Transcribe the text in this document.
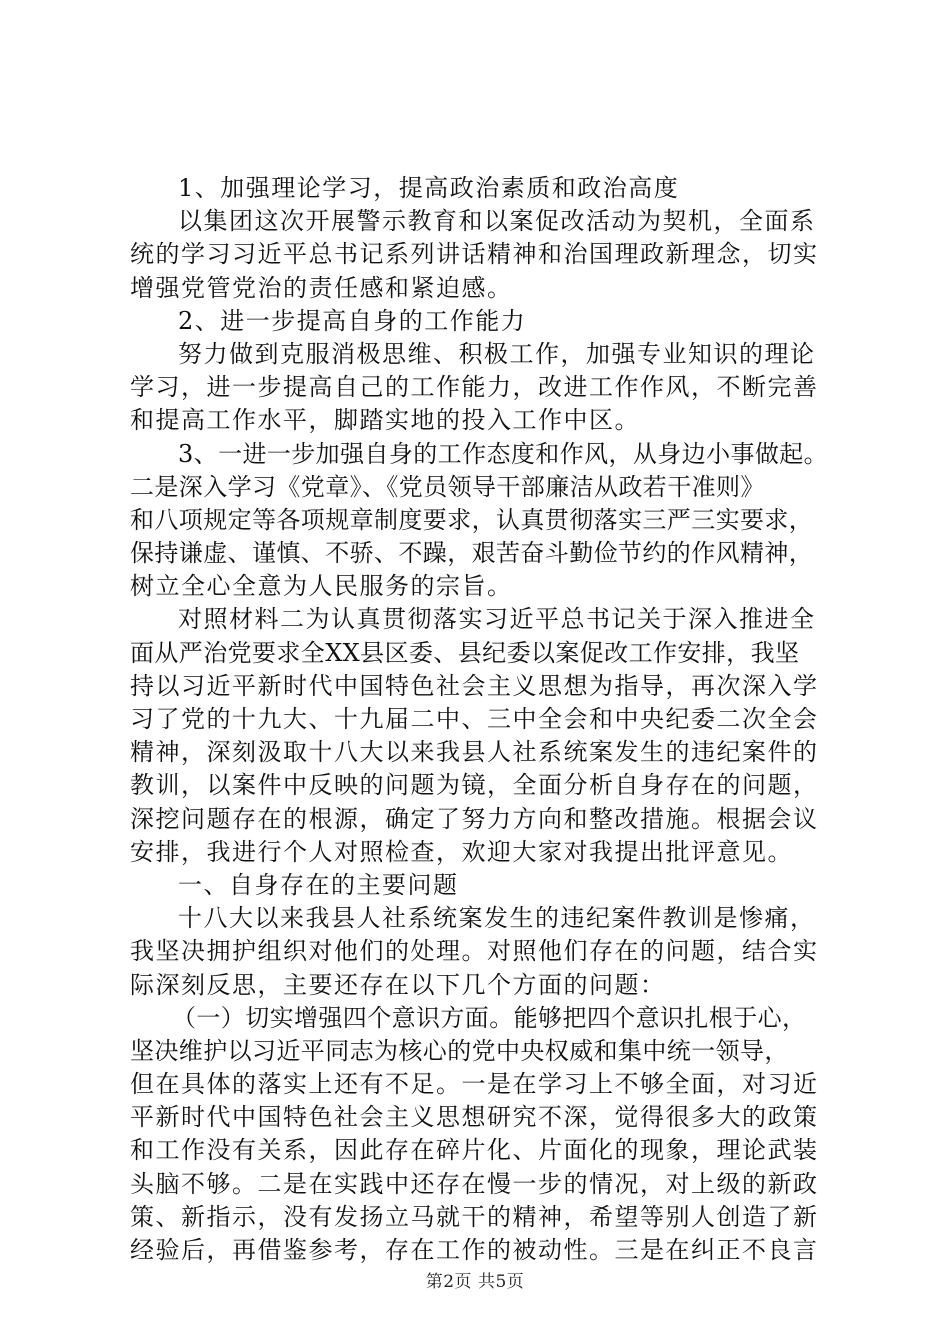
1、加强理论学习，提高政治素质和政治高度
以集团这次开展警示教育和以案促改活动为契机，全面系
统的学习习近平总书记系列讲话精神和治国理政新理念，切实
增强党管党治的责任感和紧迫感。
2、进一步提高自身的工作能力
努力做到克服消极思维、积极工作，加强专业知识的理论
学习，进一步提高自己的工作能力，改进工作作风，不断完善
和提高工作水平，脚踏实地的投入工作中区。
3、一进一步加强自身的工作态度和作风，从身边小事做起。
二是深入学习《党章》、《党员领导干部廉洁从政若干准则》
和八项规定等各项规章制度要求，认真贯彻落实三严三实要求，
保持谦虚、谨慎、不骄、不躁，艰苦奋斗勤俭节约的作风精神，
树立全心全意为人民服务的宗旨。
对照材料二为认真贯彻落实习近平总书记关于深入推进全
面从严治党要求全XX县区委、县纪委以案促改工作安排，我坚
持以习近平新时代中国特色社会主义思想为指导，再次深入学
习了党的十九大、十九届二中、三中全会和中央纪委二次全会
精神，深刻汲取十八大以来我县人社系统案发生的违纪案件的
教训，以案件中反映的问题为镜，全面分析自身存在的问题，
深挖问题存在的根源，确定了努力方向和整改措施。根据会议
安排，我进行个人对照检查，欢迎大家对我提出批评意见。
一、自身存在的主要问题
十八大以来我县人社系统案发生的违纪案件教训是惨痛，
我坚决拥护组织对他们的处理。对照他们存在的问题，结合实
际深刻反思，主要还存在以下几个方面的问题：
（一）切实增强四个意识方面。能够把四个意识扎根于心，
坚决维护以习近平同志为核心的党中央权威和集中统一领导，
但在具体的落实上还有不足。一是在学习上不够全面，对习近
平新时代中国特色社会主义思想研究不深，觉得很多大的政策
和工作没有关系，因此存在碎片化、片面化的现象，理论武装
头脑不够。二是在实践中还存在慢一步的情况，对上级的新政
策、新指示，没有发扬立马就干的精神，希望等别人创造了新
经验后，再借鉴参考，存在工作的被动性。三是在纠正不良言
第2页 共5页
